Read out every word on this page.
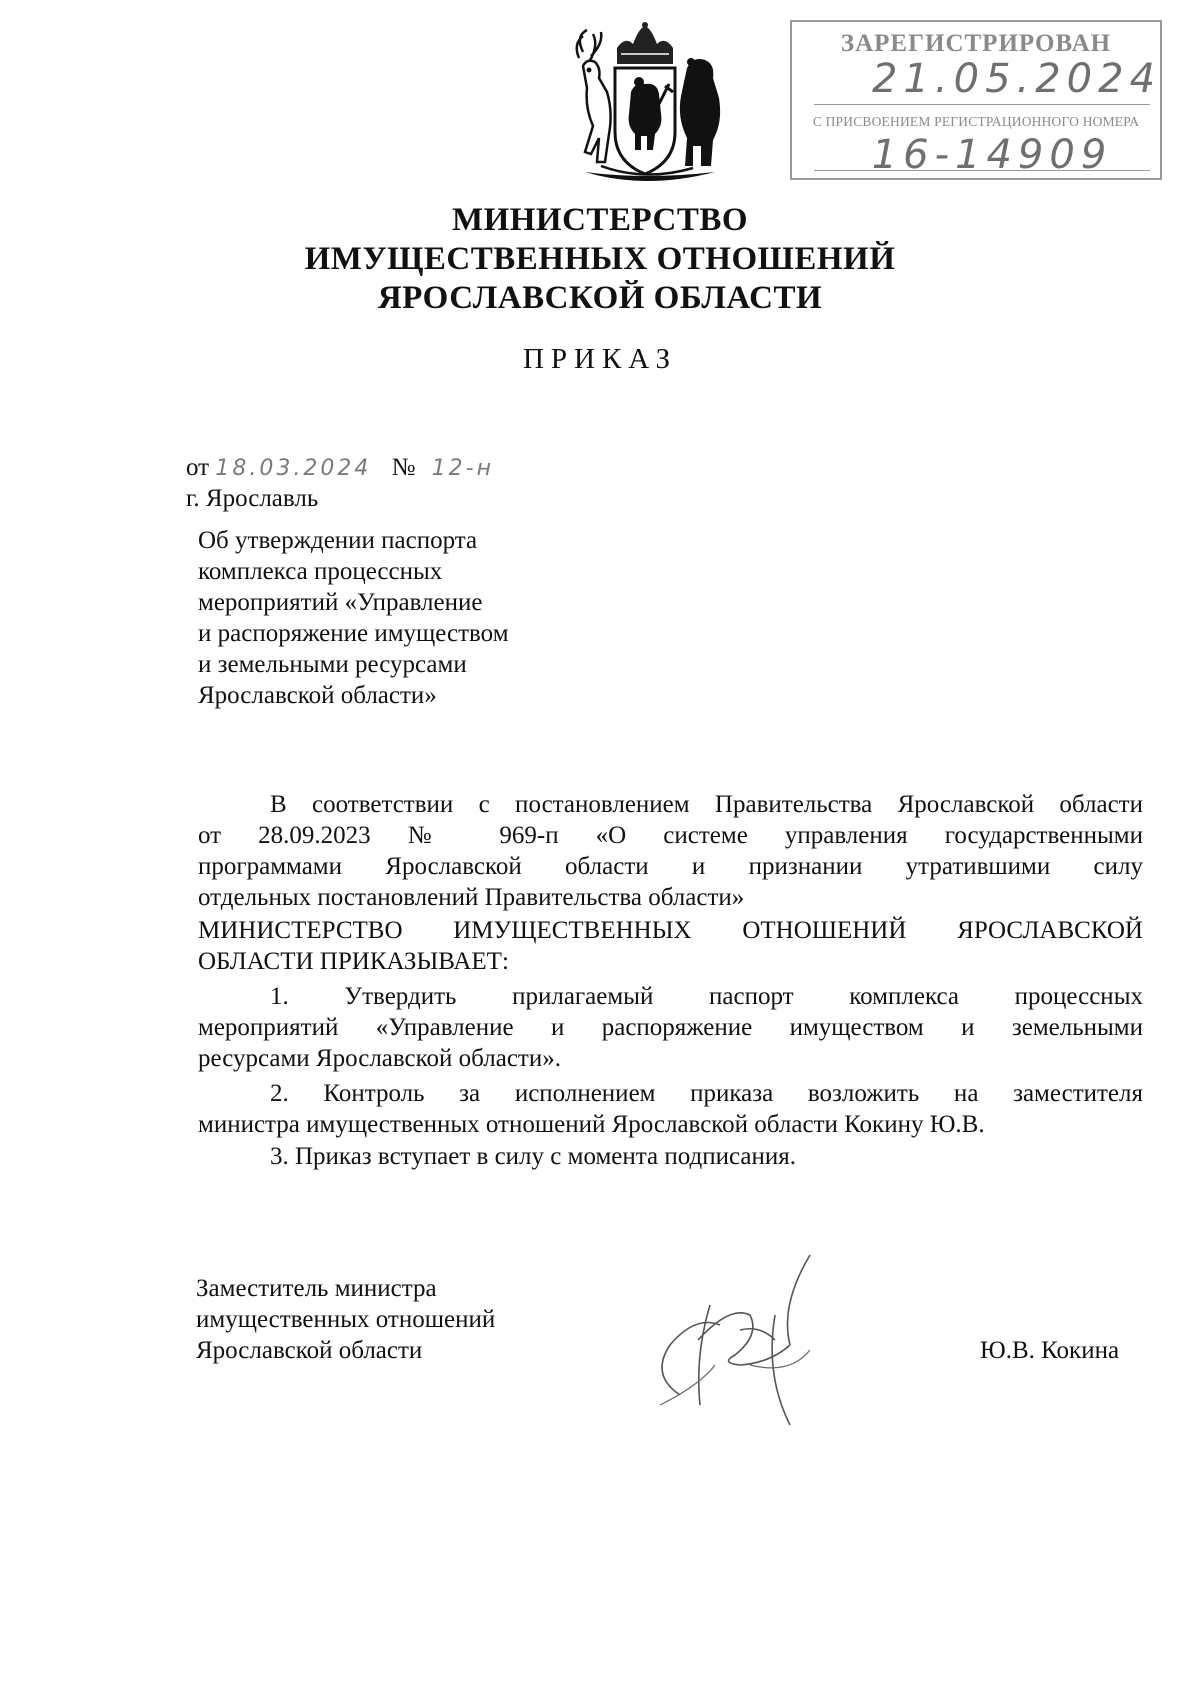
ЗАРЕГИСТРИРОВАН
21.05.2024
С ПРИСВОЕНИЕМ РЕГИСТРАЦИОННОГО НОМЕРА
16-14909
МИНИСТЕРСТВО
ИМУЩЕСТВЕННЫХ ОТНОШЕНИЙ
ЯРОСЛАВСКОЙ ОБЛАСТИ
ПРИКАЗ
от 18.03.2024 № 12-н
г. Ярославль
Об утверждении паспорта
комплекса процессных
мероприятий «Управление
и распоряжение имуществом
и земельными ресурсами
Ярославской области»
В соответствии с постановлением Правительства Ярославской области
от 28.09.2023 № 969-п «О системе управления государственными
программами Ярославской области и признании утратившими силу
отдельных постановлений Правительства области»
МИНИСТЕРСТВО ИМУЩЕСТВЕННЫХ ОТНОШЕНИЙ ЯРОСЛАВСКОЙ
ОБЛАСТИ ПРИКАЗЫВАЕТ:
1. Утвердить прилагаемый паспорт комплекса процессных
мероприятий «Управление и распоряжение имуществом и земельными
ресурсами Ярославской области».
2. Контроль за исполнением приказа возложить на заместителя
министра имущественных отношений Ярославской области Кокину Ю.В.
3. Приказ вступает в силу с момента подписания.
Заместитель министра
имущественных отношений
Ярославской области	Ю.В. Кокина
